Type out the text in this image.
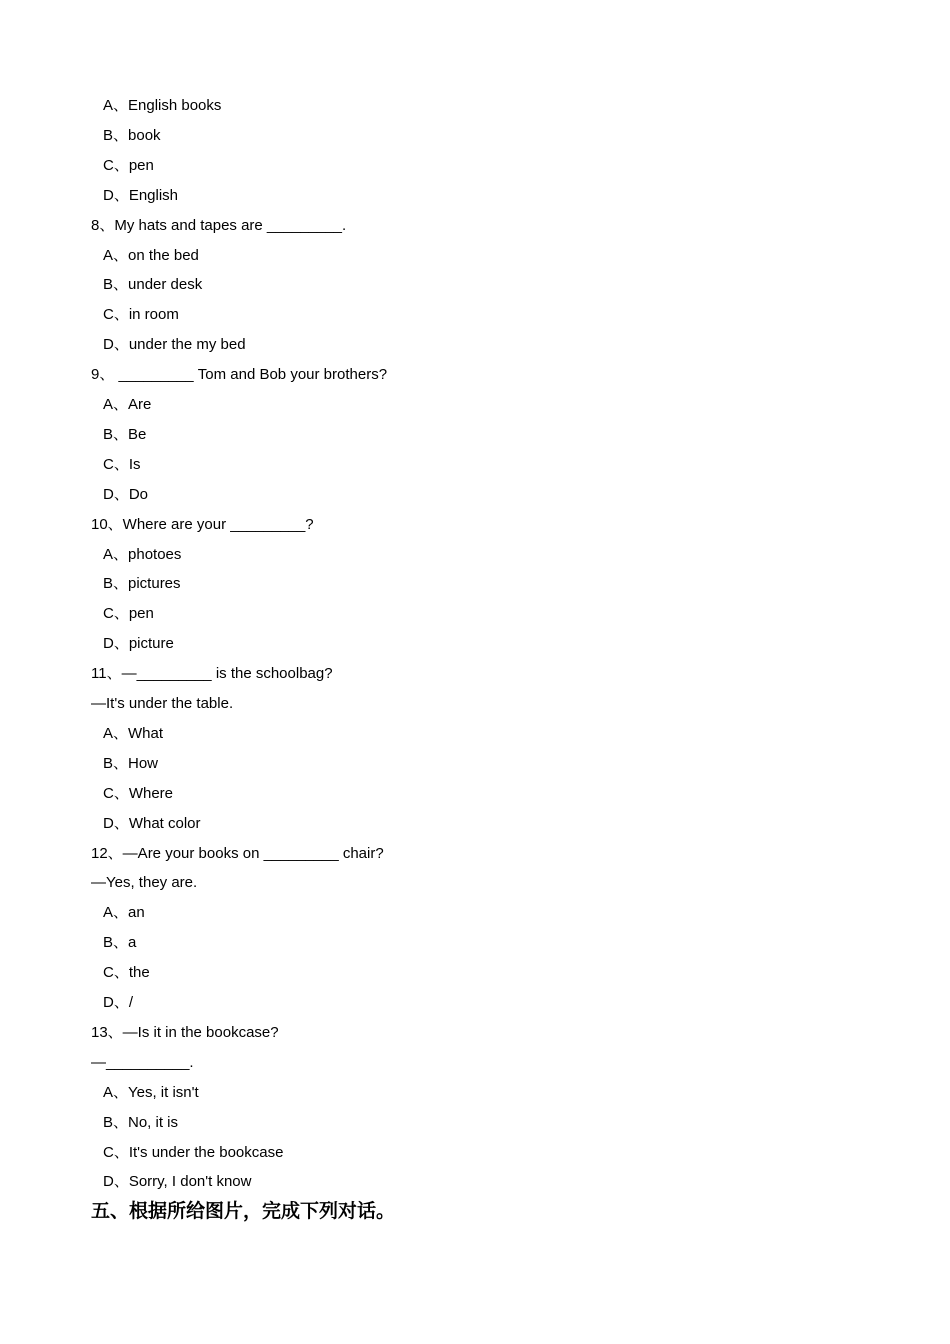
A、English books
B、book
C、pen
D、English
8、My hats and tapes are _________.
A、on the bed
B、under desk
C、in room
D、under the my bed
9、 _________ Tom and Bob your brothers?
A、Are
B、Be
C、Is
D、Do
10、Where are your _________?
A、photoes
B、pictures
C、pen
D、picture
11、—_________ is the schoolbag?
—It's under the table.
A、What
B、How
C、Where
D、What color
12、—Are your books on _________ chair?
—Yes, they are.
A、an
B、a
C、the
D、/
13、—Is it in the bookcase?
—__________.
A、Yes, it isn't
B、No, it is
C、It's under the bookcase
D、Sorry, I don't know
五、根据所给图片，完成下列对话。
